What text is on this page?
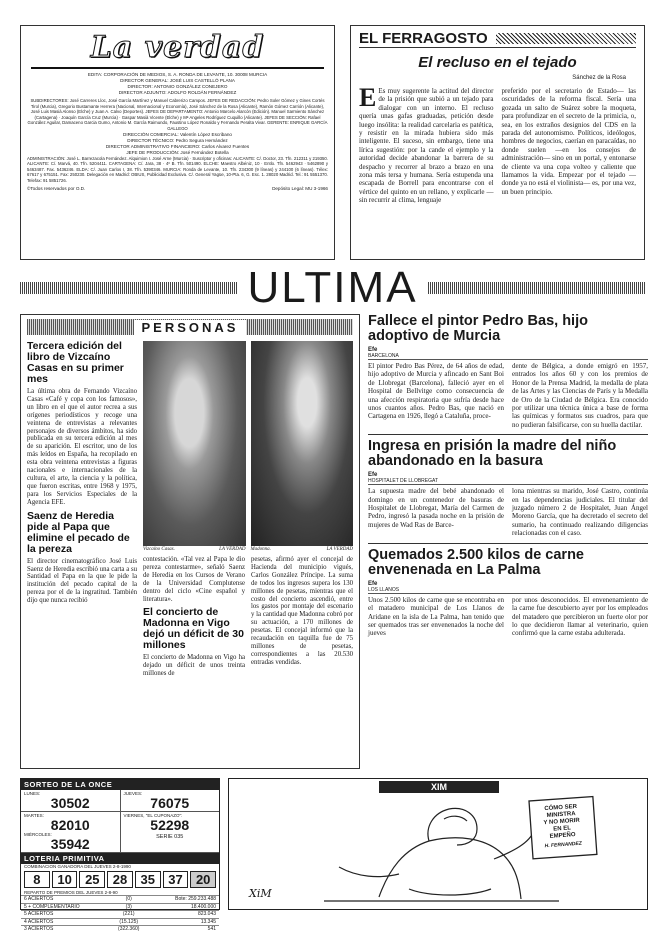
La verdad
EDITA: CORPORACIÓN DE MEDIOS, S. A. RONDA DE LEVANTE, 10. 30008 MURCIA
DIRECTOR GENERAL: JOSÉ LUIS CASTELLÓ PLANA
DIRECTOR: ANTONIO GONZÁLEZ CONEJERO
DIRECTOR ADJUNTO: ADOLFO ROLDÁN FERNÁNDEZ
SUBDIRECTORES: José Carreres Lloc, José García Martínez y Manuel Cabrerizo Campos. JEFES DE REDACCIÓN: Pedro Soler Gómez y Gines Cortés Tirol (Murcia), Gregorio Bustamante Herrera (Nacional, Internacional y Economía), José Sánchez de la Rosa (Alicante), Ramón Gómez Carrión (Alicante), José Luis Masià Alonso (Elche) y Juan A. Calvo (Deportes). JEFES DE DEPARTAMENTO: Antonio Marcelo Alarcón (Edición). Manuel Sarmiento Sánchez (Cartagena) · Joaquín García Cruz (Murcia) · Gaspar Masià Vicente (Elche) y Mª Angeles Rodríguez Cuquillo (Alicante). JEFES DE SECCIÓN: Rafael González Aguilar, Damaceno Garcia Gumo, Antonio M. García Raimundo, Faustino López Ronaldo y Fernando Peralta Vivar. GERENTE: ENRIQUE GARCÍA GALLEGO
DIRECCIÓN COMERCIAL: Valentín López Escribano
DIRECTOR TÉCNICO: Pedro Segura Hernández
DIRECTOR ADMINISTRATIVO FINANCIERO: Carlos Alvarez Fuentes
JEFE DE PRODUCCIÓN: José Fernández Botella
ADMINISTRACIÓN: José L. Barrezacola Fernández. Alquimion I. José Arne (Murcia) · Suscriptor y oficinas: ALICANTE: C/. Doctor, 23. Tfn. 212311 y 219350. ALICANTE: C/. Marvá, 40. Tfn. 5204411. CARTAGENA: C/. Jara, 38 · 4º B. Tfn. 501490. ELCHE: Maestro Albéniz, 10 · Entlo. Tfn. 5462943 · 5462890 y 5463487. Fax. 5436246. ELDA: C/. Juan Carlos I, 38. Tfn. 5390346. MURCIA: Ronda de Levante, 10. Tfn. 234300 (9 líneas) y 244100 (6 líneas). Télex: 67617 y 675151. Fax: 250230. Delegación en Madrid: OBIUS, Publicidad Exclusiva. C/. General Yagüe, 10-Pta. 6, G. Esc. 1. 28020 Madrid. Tel.: 91 5551370. Telefax: 91 5851726.
©Todos reservados por O.D.	Depósito Legal: MU 3-1966
EL FERRAGOSTO
El recluso en el tejado
Sánchez de la Rosa
E Es muy sugerente la actitud del director de la prisión que subió a un tejado para dialogar con un interno. El recluso quería unas gafas graduadas, petición desde luego insólita: la realidad carcelaria es patética, y resistir en la mirada hubiera sido más inteligente. El suceso, sin embargo, tiene una lírica sugestión: por la cande el ejemplo y la autoridad decide abandonar la barrera de su despacho y recorrer al brazo a brazo en una zona más tersa y humana. Sería estupenda una escapada de Borrell para encontrarse con el vértice del quinto en un rellano, y explicarle —sin recurrir al clima, lenguaje
preferido por el secretario de Estado— las oscuridades de la reforma fiscal. Sería una gozada un salto de Suárez sobre la moqueta, para profundizar en el secreto de la primicia, o, sea, en los extraños designios del CDS en la parada del autonomismo. Políticos, ideólogos, hombres de negocios, caerían en paracaídas, no donde suelen —en los consejos de administración— sino en un portal, y entonarse de cliente va una copa volteo y caliente que llamamos la vida. Empezar por el tejado —donde ya no está el violinista— es, por una vez, un buen principio.
ULTIMA
PERSONAS
Tercera edición del libro de Vizcaíno Casas en su primer mes
La última obra de Fernando Vizcaíno Casas «Café y copa con los famosos», un libro en el que el autor recrea a sus orígenes periodísticos y recoge una veintena de entrevistas a relevantes personajes de diversos ámbitos, ha sido publicada en su tercera edición al mes de su aparición. El escritor, uno de los más leídos en España, ha recopilado en esta obra veintena entrevistas a figuras nacionales e internacionales de la cultura, el arte, la ciencia y la política, que fueron escritas, entre 1968 y 1975, para los Servicios Especiales de la Agencia EFE.
Saenz de Heredia pide al Papa que elimine el pecado de la pereza
El director cinematográfico José Luis Saenz de Heredia escribió una carta a su Santidad el Papa en la que le pide la institución del pecado capital de la pereza por el de la ingratitud. También dijo que nunca recibió
Vizcaíno Casas.	LA VERDAD Madonna.	LA VERDAD
contestación. «Tal vez al Papa le dio pereza contestarme», señaló Saenz de Heredia en los Cursos de Verano de la Universidad Complutense dentro del ciclo «Cine español y literatura».
El concierto de Madonna en Vigo dejó un déficit de 30 millones
El concierto de Madonna en Vigo ha dejado un déficit de unos treinta millones de
pesetas, afirmó ayer el concejal de Hacienda del municipio vigués, Carlos González Príncipe. La suma de todos los ingresos supera los 130 millones de pesetas, mientras que el costo del concierto ascendió, entre los gastos por montaje del escenario y la cantidad que Madonna cobró por su actuación, a 170 millones de pesetas. El concejal informó que la recaudación en taquilla fue de 75 millones de pesetas, correspondientes a las 20.530 entradas vendidas.
Fallece el pintor Pedro Bas, hijo adoptivo de Murcia
Efe
BARCELONA
El pintor Pedro Bas Pérez, de 64 años de edad, hijo adoptivo de Murcia y afincado en Sant Boi de Llobregat (Barcelona), falleció ayer en el Hospital de Bellvitge como consecuencia de una afección respiratoria que sufría desde hace unos cuantos años. Pedro Bas, que nació en Cartagena en 1926, llegó a Cataluña, proce-
dente de Bélgica, a donde emigró en 1957, entrados los años 60 y con los premios de Honor de la Prensa Madrid, la medalla de plata de las Artes y las Ciencias de París y la Medalla de Oro de la Ciudad de Bélgica. Era conocido por utilizar una técnica única a base de forma las químicas y formatos sus cuadros, para que no pudieran falsificarse, con su huella dactilar.
Ingresa en prisión la madre del niño abandonado en la basura
Efe
HOSPITALET DE LLOBREGAT
La supuesta madre del bebé abandonado el domingo en un contenedor de basuras de Hospitalet de Llobregat, María del Carmen de Pedro, ingresó la pasada noche en la prisión de mujeres de Wad Ras de Barce-
lona mientras su marido, José Castro, continúa en las dependencias judiciales. El titular del juzgado número 2 de Hospitalet, Juan Ángel Moreno García, que ha decretado el secreto del sumario, ha continuado realizando diligencias relacionadas con el caso.
Quemados 2.500 kilos de carne envenenada en La Palma
Efe
LOS LLANOS
Unos 2.500 kilos de carne que se encontraba en el matadero municipal de Los Llanos de Aridane en la isla de La Palma, han tenido que ser quemados tras ser envenenados la noche del jueves
por unos desconocidos. El envenenamiento de la carne fue descubierto ayer por los empleados del matadero que percibieron un fuerte olor por lo que decidieron llamar al veterinario, quien confirmó que la carne estaba adulterada.
SORTEO DE LA ONCE
LUNES:
30502
JUEVES:
76075
MARTES:
82010
MIÉRCOLES:
35942
VIERNES, "EL CUPONAZO":
52298
SERIE 035
LOTERIA PRIMITIVA
COMBINACION GANADORA DEL JUEVES 2-8-1990
8	10	25	28	35	37	20
REPARTO DE PREMIOS DEL JUEVES 2-8-90
6 ACIERTOS	(0)	Bote: 259.233.488
5 + COMPLEMENTARIO	(3)	18.400.000
5 ACIERTOS	(221)	823.043
4 ACIERTOS	(15.125)	13.345
3 ACIERTOS	(322.360)	541
XIM
CÓMO SER
MINISTRA
Y NO MORIR
EN EL
EMPEÑO
H. FERNANDEZ
XiM
